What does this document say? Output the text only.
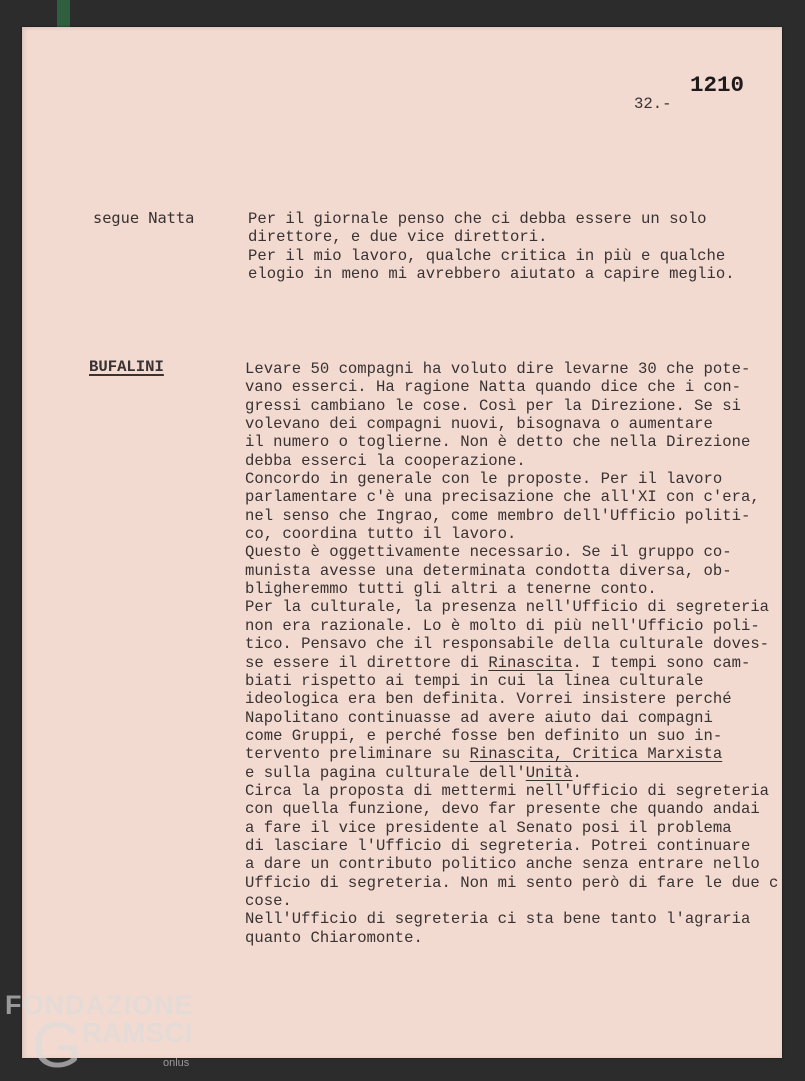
1210
32.-
segue Natta	Per il giornale penso che ci debba essere un solo
direttore, e due vice direttori.
Per il mio lavoro, qualche critica in più e qualche
elogio in meno mi avrebbero aiutato a capire meglio.
BUFALINI	Levare 50 compagni ha voluto dire levarne 30 che pote-
vano esserci. Ha ragione Natta quando dice che i con-
gressi cambiano le cose. Così per la Direzione. Se si
volevano dei compagni nuovi, bisognava o aumentare
il numero o toglierne. Non è detto che nella Direzione
debba esserci la cooperazione.
Concordo in generale con le proposte. Per il lavoro
parlamentare c'è una precisazione che all'XI con c'era,
nel senso che Ingrao, come membro dell'Ufficio politi-
co, coordina tutto il lavoro.
Questo è oggettivamente necessario. Se il gruppo co-
munista avesse una determinata condotta diversa, ob-
bligheremmo tutti gli altri a tenerne conto.
Per la culturale, la presenza nell'Ufficio di segreteria
non era razionale. Lo è molto di più nell'Ufficio poli-
tico. Pensavo che il responsabile della culturale doves-
se essere il direttore di Rinascita. I tempi sono cam-
biati rispetto ai tempi in cui la linea culturale
ideologica era ben definita. Vorrei insistere perché
Napolitano continuasse ad avere aiuto dai compagni
come Gruppi, e perché fosse ben definito un suo in-
tervento preliminare su Rinascita, Critica Marxista
e sulla pagina culturale dell'Unità.
Circa la proposta di mettermi nell'Ufficio di segreteria
con quella funzione, devo far presente che quando andai
a fare il vice presidente al Senato posi il problema
di lasciare l'Ufficio di segreteria. Potrei continuare
a dare un contributo politico anche senza entrare nello
Ufficio di segreteria. Non mi sento però di fare le due c
cose.
Nell'Ufficio di segreteria ci sta bene tanto l'agraria
quanto Chiaromonte.
FONDAZIONE
GRAMSCI
onlus
